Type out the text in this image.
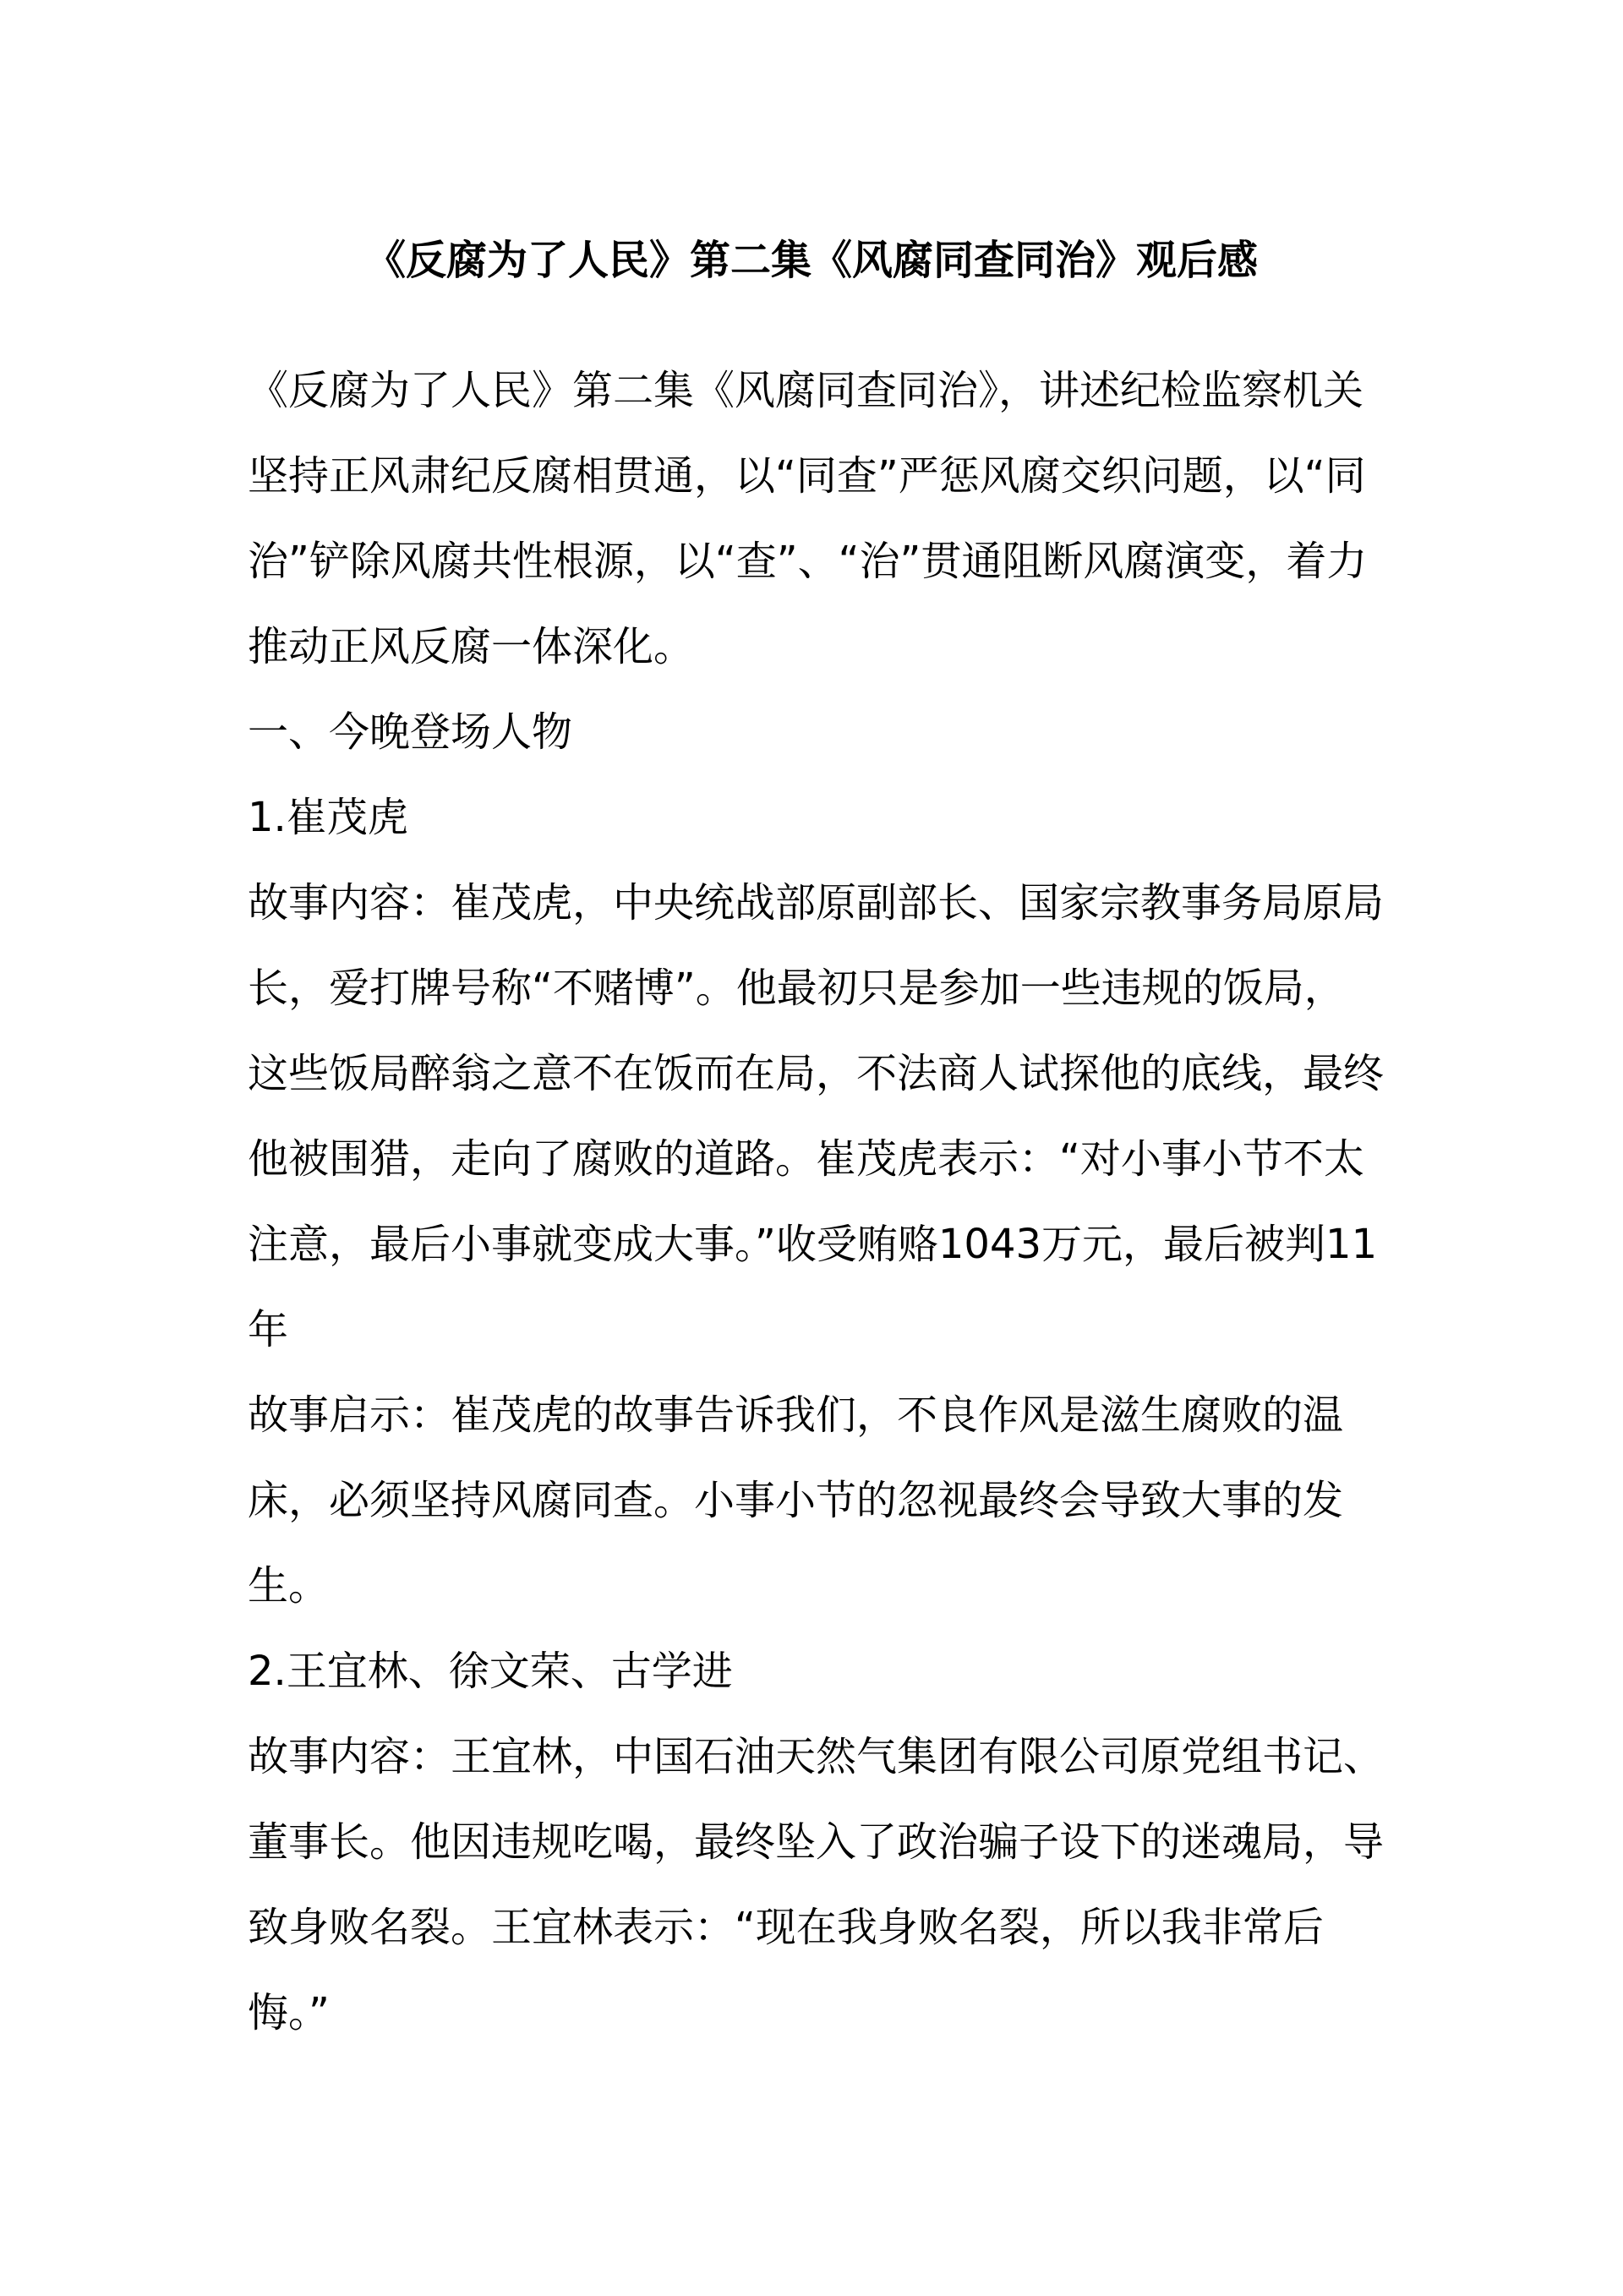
《反腐为了人民》第二集《风腐同查同治》观后感

《反腐为了人民》第二集《风腐同查同治》，讲述纪检监察机关坚持正风肃纪反腐相贯通，以“同查”严惩风腐交织问题，以“同治”铲除风腐共性根源，以“查”、“治”贯通阻断风腐演变，着力推动正风反腐一体深化。

一、今晚登场人物

1.崔茂虎

故事内容：崔茂虎，中央统战部原副部长、国家宗教事务局原局长，爱打牌号称“不赌博”。他最初只是参加一些违规的饭局，这些饭局醉翁之意不在饭而在局，不法商人试探他的底线，最终他被围猎，走向了腐败的道路。崔茂虎表示：“对小事小节不太注意，最后小事就变成大事。”收受贿赂1043万元，最后被判11年

故事启示：崔茂虎的故事告诉我们，不良作风是滋生腐败的温床，必须坚持风腐同查。小事小节的忽视最终会导致大事的发生。

2.王宜林、徐文荣、古学进

故事内容：王宜林，中国石油天然气集团有限公司原党组书记、董事长。他因违规吃喝，最终坠入了政治骗子设下的迷魂局，导致身败名裂。王宜林表示：“现在我身败名裂，所以我非常后悔。”
